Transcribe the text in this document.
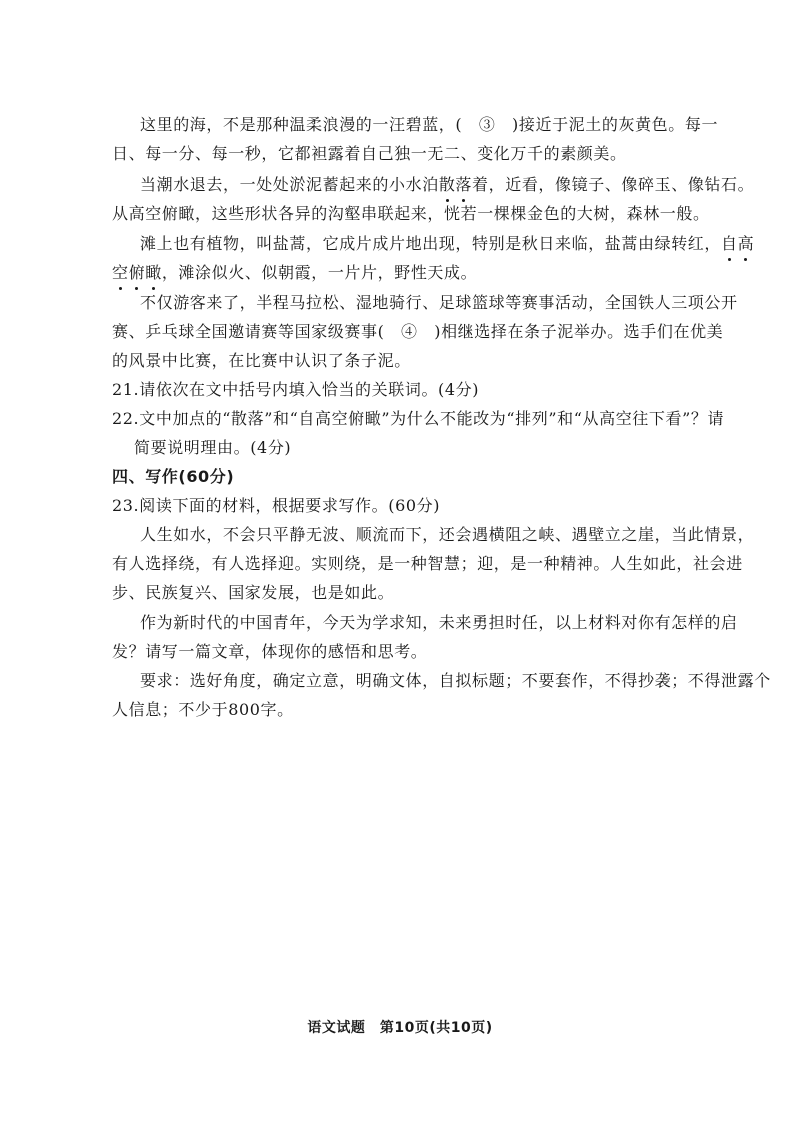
这里的海，不是那种温柔浪漫的一汪碧蓝，(　③　)接近于泥土的灰黄色。每一
日、每一分、每一秒，它都袒露着自己独一无二、变化万千的素颜美。
当潮水退去，一处处淤泥蓄起来的小水泊散落着，近看，像镜子、像碎玉、像钻石。
从高空俯瞰，这些形状各异的沟壑串联起来，恍若一棵棵金色的大树，森林一般。
滩上也有植物，叫盐蒿，它成片成片地出现，特别是秋日来临，盐蒿由绿转红，自高
空俯瞰，滩涂似火、似朝霞，一片片，野性天成。
不仅游客来了，半程马拉松、湿地骑行、足球篮球等赛事活动，全国铁人三项公开
赛、乒乓球全国邀请赛等国家级赛事(　④　)相继选择在条子泥举办。选手们在优美
的风景中比赛，在比赛中认识了条子泥。
21.请依次在文中括号内填入恰当的关联词。(4分)
22.文中加点的“散落”和“自高空俯瞰”为什么不能改为“排列”和“从高空往下看”？请
简要说明理由。(4分)
四、写作(60分)
23.阅读下面的材料，根据要求写作。(60分)
人生如水，不会只平静无波、顺流而下，还会遇横阻之峡、遇壁立之崖，当此情景，
有人选择绕，有人选择迎。实则绕，是一种智慧；迎，是一种精神。人生如此，社会进
步、民族复兴、国家发展，也是如此。
作为新时代的中国青年，今天为学求知，未来勇担时任，以上材料对你有怎样的启
发？请写一篇文章，体现你的感悟和思考。
要求：选好角度，确定立意，明确文体，自拟标题；不要套作，不得抄袭；不得泄露个
人信息；不少于800字。
语文试题　第10页(共10页)
